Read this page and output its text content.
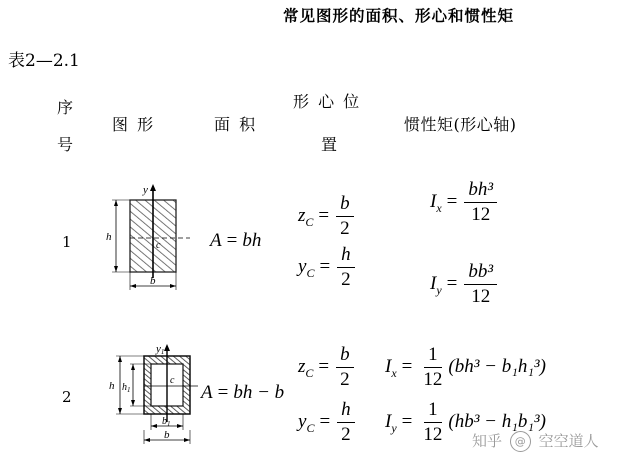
常见图形的面积、形心和惯性矩
表2—2.1
序
号
图 形	面 积
形 心 位
置
惯性矩(形心轴)
1
y
h
c
b
A = bh
$z_C = \frac{b}{2}$
$y_C = \frac{h}{2}$
$I_x = \frac{\text{bh³}}{12}$
$I_y = \frac{\text{bb³}}{12}$
2
y1
h $h_1$
c
$b_1$
b
A = bh − b
$z_C = \frac{b}{2}$
$y_C = \frac{h}{2}$
$I_x = \frac{1}{12} (bh^3 - b_1h_1^3)$
$I_y = \frac{1}{12} (hb^3 - h_1b_1^3)$
知乎 @ 空空道人
